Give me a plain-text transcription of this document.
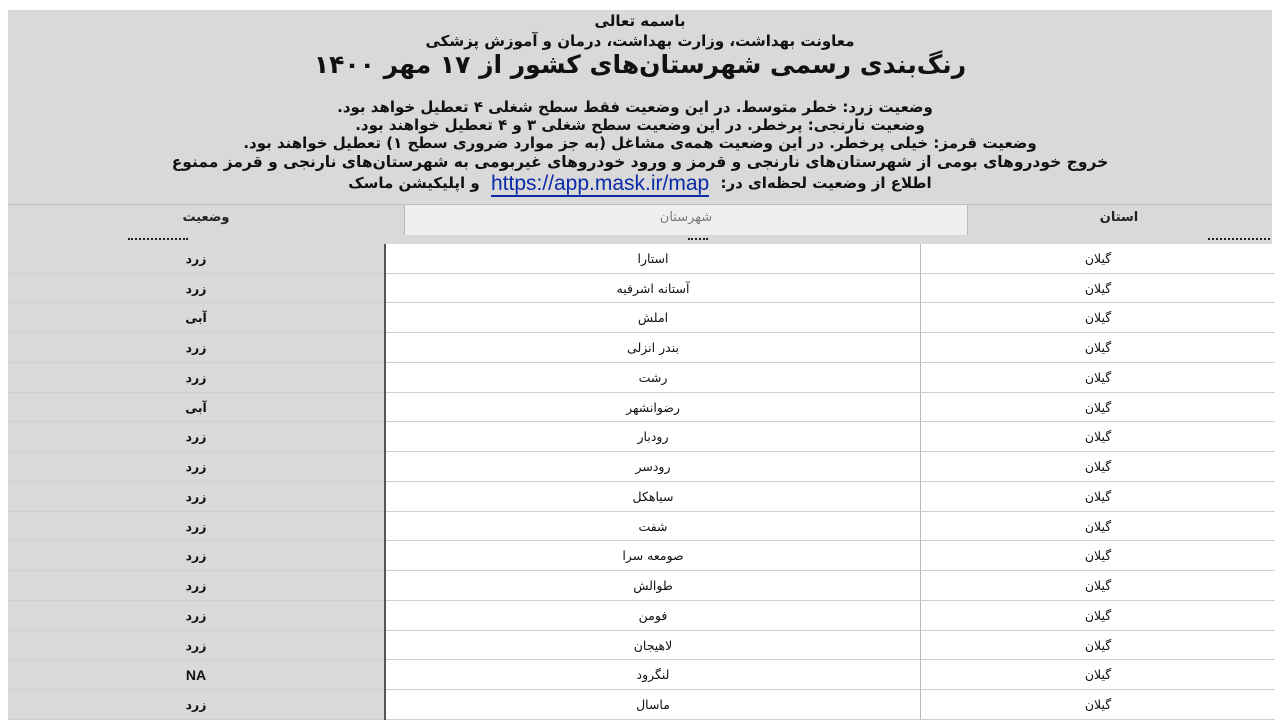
باسمه تعالی
معاونت بهداشت، وزارت بهداشت، درمان و آموزش پزشکی
رنگ‌بندی رسمی شهرستان‌های کشور از ۱۷ مهر ۱۴۰۰
وضعیت زرد: خطر متوسط. در این وضعیت فقط سطح شغلی ۴ تعطیل خواهد بود.
وضعیت نارنجی: پرخطر. در این وضعیت سطح شغلی ۳ و ۴ تعطیل خواهند بود.
وضعیت قرمز: خیلی پرخطر. در این وضعیت همه‌ی مشاغل (به جز موارد ضروری سطح ۱) تعطیل خواهند بود.
خروج خودروهای بومی از شهرستان‌های نارنجی و قرمز و ورود خودروهای غیربومی به شهرستان‌های نارنجی و قرمز ممنوع
اطلاع از وضعیت لحظه‌ای در: https://app.mask.ir/map و اپلیکیشن ماسک
وضعیت	شهرستان	استان
زرد	استارا	گیلان
زرد	آستانه اشرفیه	گیلان
آبی	املش	گیلان
زرد	بندر انزلی	گیلان
زرد	رشت	گیلان
آبی	رضوانشهر	گیلان
زرد	رودبار	گیلان
زرد	رودسر	گیلان
زرد	سیاهکل	گیلان
زرد	شفت	گیلان
زرد	صومعه سرا	گیلان
زرد	طوالش	گیلان
زرد	فومن	گیلان
زرد	لاهیجان	گیلان
NA	لنگرود	گیلان
زرد	ماسال	گیلان
